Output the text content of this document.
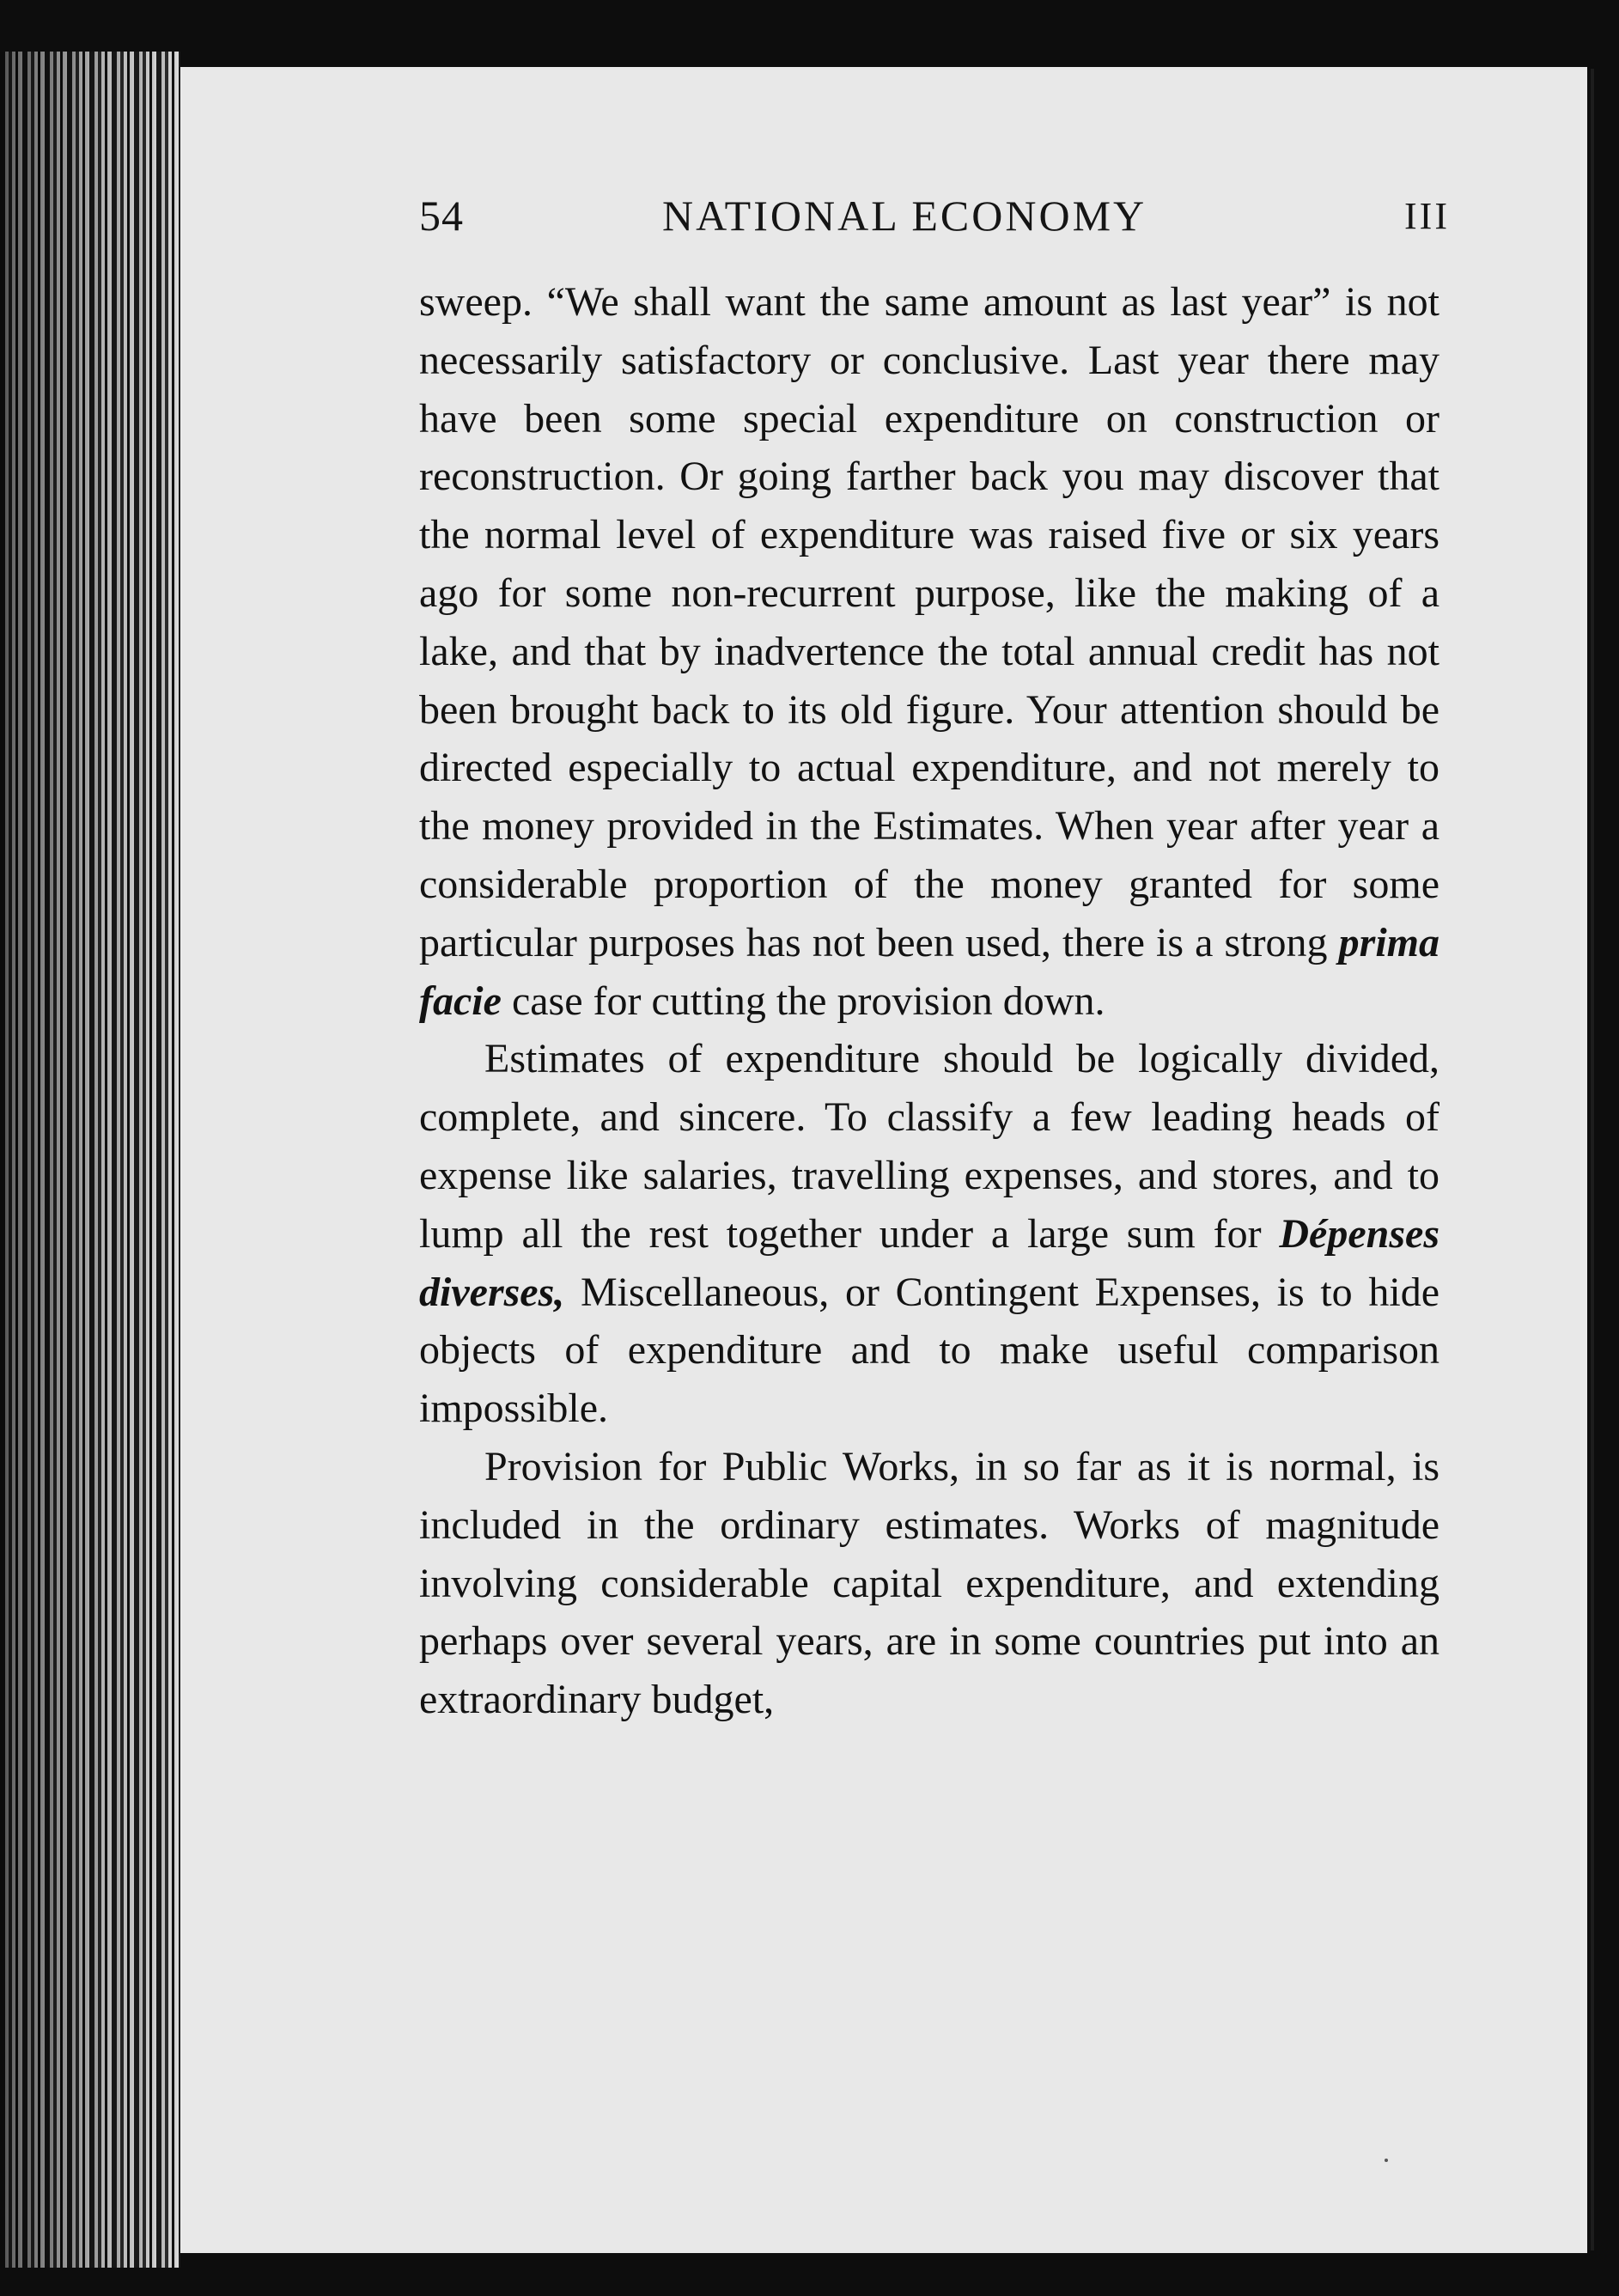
54	NATIONAL ECONOMY	III

sweep. “We shall want the same amount as last year” is not necessarily satisfactory or conclusive. Last year there may have been some special expenditure on construction or reconstruction. Or going farther back you may discover that the normal level of expenditure was raised five or six years ago for some non-recurrent purpose, like the making of a lake, and that by inadvertence the total annual credit has not been brought back to its old figure. Your attention should be directed especially to actual expenditure, and not merely to the money provided in the Estimates. When year after year a considerable proportion of the money granted for some particular purposes has not been used, there is a strong prima facie case for cutting the provision down.

Estimates of expenditure should be logically divided, complete, and sincere. To classify a few leading heads of expense like salaries, travelling expenses, and stores, and to lump all the rest together under a large sum for Dépenses diverses, Miscellaneous, or Contingent Expenses, is to hide objects of expenditure and to make useful comparison impossible.

Provision for Public Works, in so far as it is normal, is included in the ordinary estimates. Works of magnitude involving considerable capital expenditure, and extending perhaps over several years, are in some countries put into an extraordinary budget,
